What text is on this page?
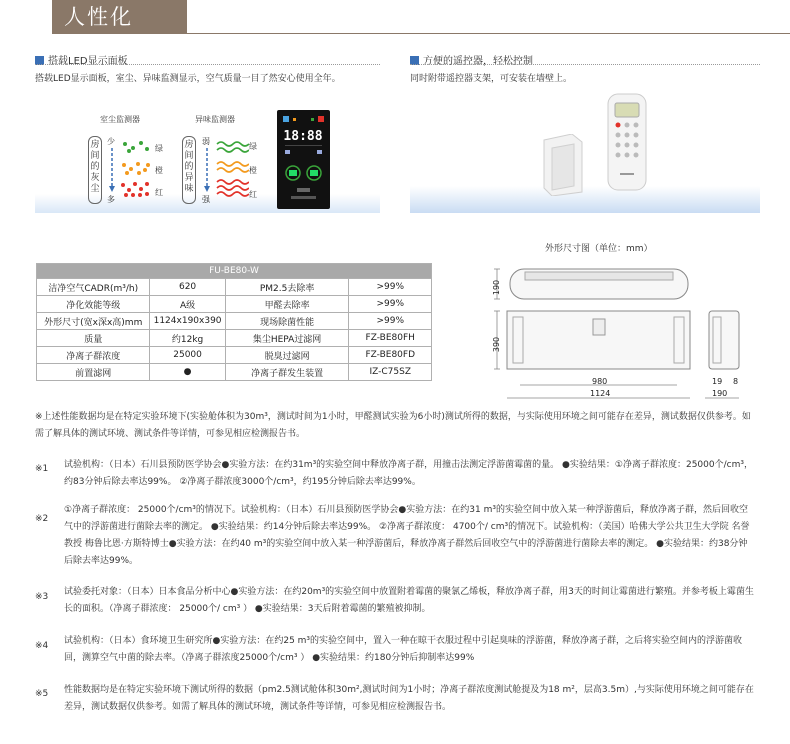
人性化
搭载LED显示面板
搭载LED显示面板，室尘、异味监测显示，空气质量一目了然安心使用全年。
室尘监测器
房间的灰尘
少
多
绿
橙
红
异味监测器
房间的异味
弱
强
绿
橙
红
18:88
方便的遥控器，轻松控制
同时附带遥控器支架，可安装在墙壁上。
FU-BE80-W			
洁净空气CADR(m³/h)	620	PM2.5去除率	>99%
净化效能等级	A级	甲醛去除率	>99%
外形尺寸(宽x深x高)mm	1124x190x390	现场除菌性能	>99%
质量	约12kg	集尘HEPA过滤网	FZ-BE80FH
净离子群浓度	25000	脱臭过滤网	FZ-BE80FD
前置滤网	●	净离子群发生装置	IZ-C75SZ
外形尺寸图（单位：mm）
190
390
980
1124
19 8
190
※上述性能数据均是在特定实验环境下(实验舱体积为30m³，测试时间为1小时，甲醛测试实验为6小时)测试所得的数据，与实际使用环境之间可能存在差异，测试数据仅供参考。如需了解具体的测试环境、测试条件等详情，可参见相应检测报告书。
※1 试验机构：（日本）石川县预防医学协会●实验方法：在约31m³的实验空间中释放净离子群，用撞击法测定浮游菌霉菌的量。 ●实验结果：①净离子群浓度：25000个/cm³，约83分钟后除去率达99%。 ②净离子群浓度3000个/cm³，约195分钟后除去率达99%。
※2
①净离子群浓度： 25000个/cm³的情况下。试验机构：（日本）石川县预防医学协会●实验方法：在约31 m³的实验空间中放入某一种浮游菌后，释放净离子群，然后回收空气中的浮游菌进行菌除去率的测定。 ●实验结果：约14分钟后除去率达99%。 ②净离子群浓度： 4700个/ cm³的情况下。试验机构：（美国）哈佛大学公共卫生大学院 名誉教授 梅鲁比恩·方斯特博士●实验方法：在约40 m³的实验空间中放入某一种浮游菌后，释放净离子群然后回收空气中的浮游菌进行菌除去率的测定。 ●实验结果：约38分钟后除去率达99%。
※3 试验委托对象：（日本）日本食品分析中心●实验方法：在约20m³的实验空间中放置附着霉菌的聚氯乙烯板，释放净离子群，用3天的时间让霉菌进行繁殖。并参考板上霉菌生长的面积。（净离子群浓度： 25000个/ cm³ ） ●实验结果：3天后附着霉菌的繁殖被抑制。
※4 试验机构：（日本）食环境卫生研究所●实验方法：在约25 m³的实验空间中，置入一种在晾干衣服过程中引起臭味的浮游菌，释放净离子群，之后将实验空间内的浮游菌收回，测算空气中菌的除去率。（净离子群浓度25000个/cm³ ） ●实验结果：约180分钟后抑制率达99%
※5 性能数据均是在特定实验环境下测试所得的数据（pm2.5测试舱体积30m²,测试时间为1小时；净离子群浓度测试舱提及为18 m²，层高3.5m）,与实际使用环境之间可能存在差异，测试数据仅供参考。如需了解具体的测试环境，测试条件等详情，可参见相应检测报告书。
